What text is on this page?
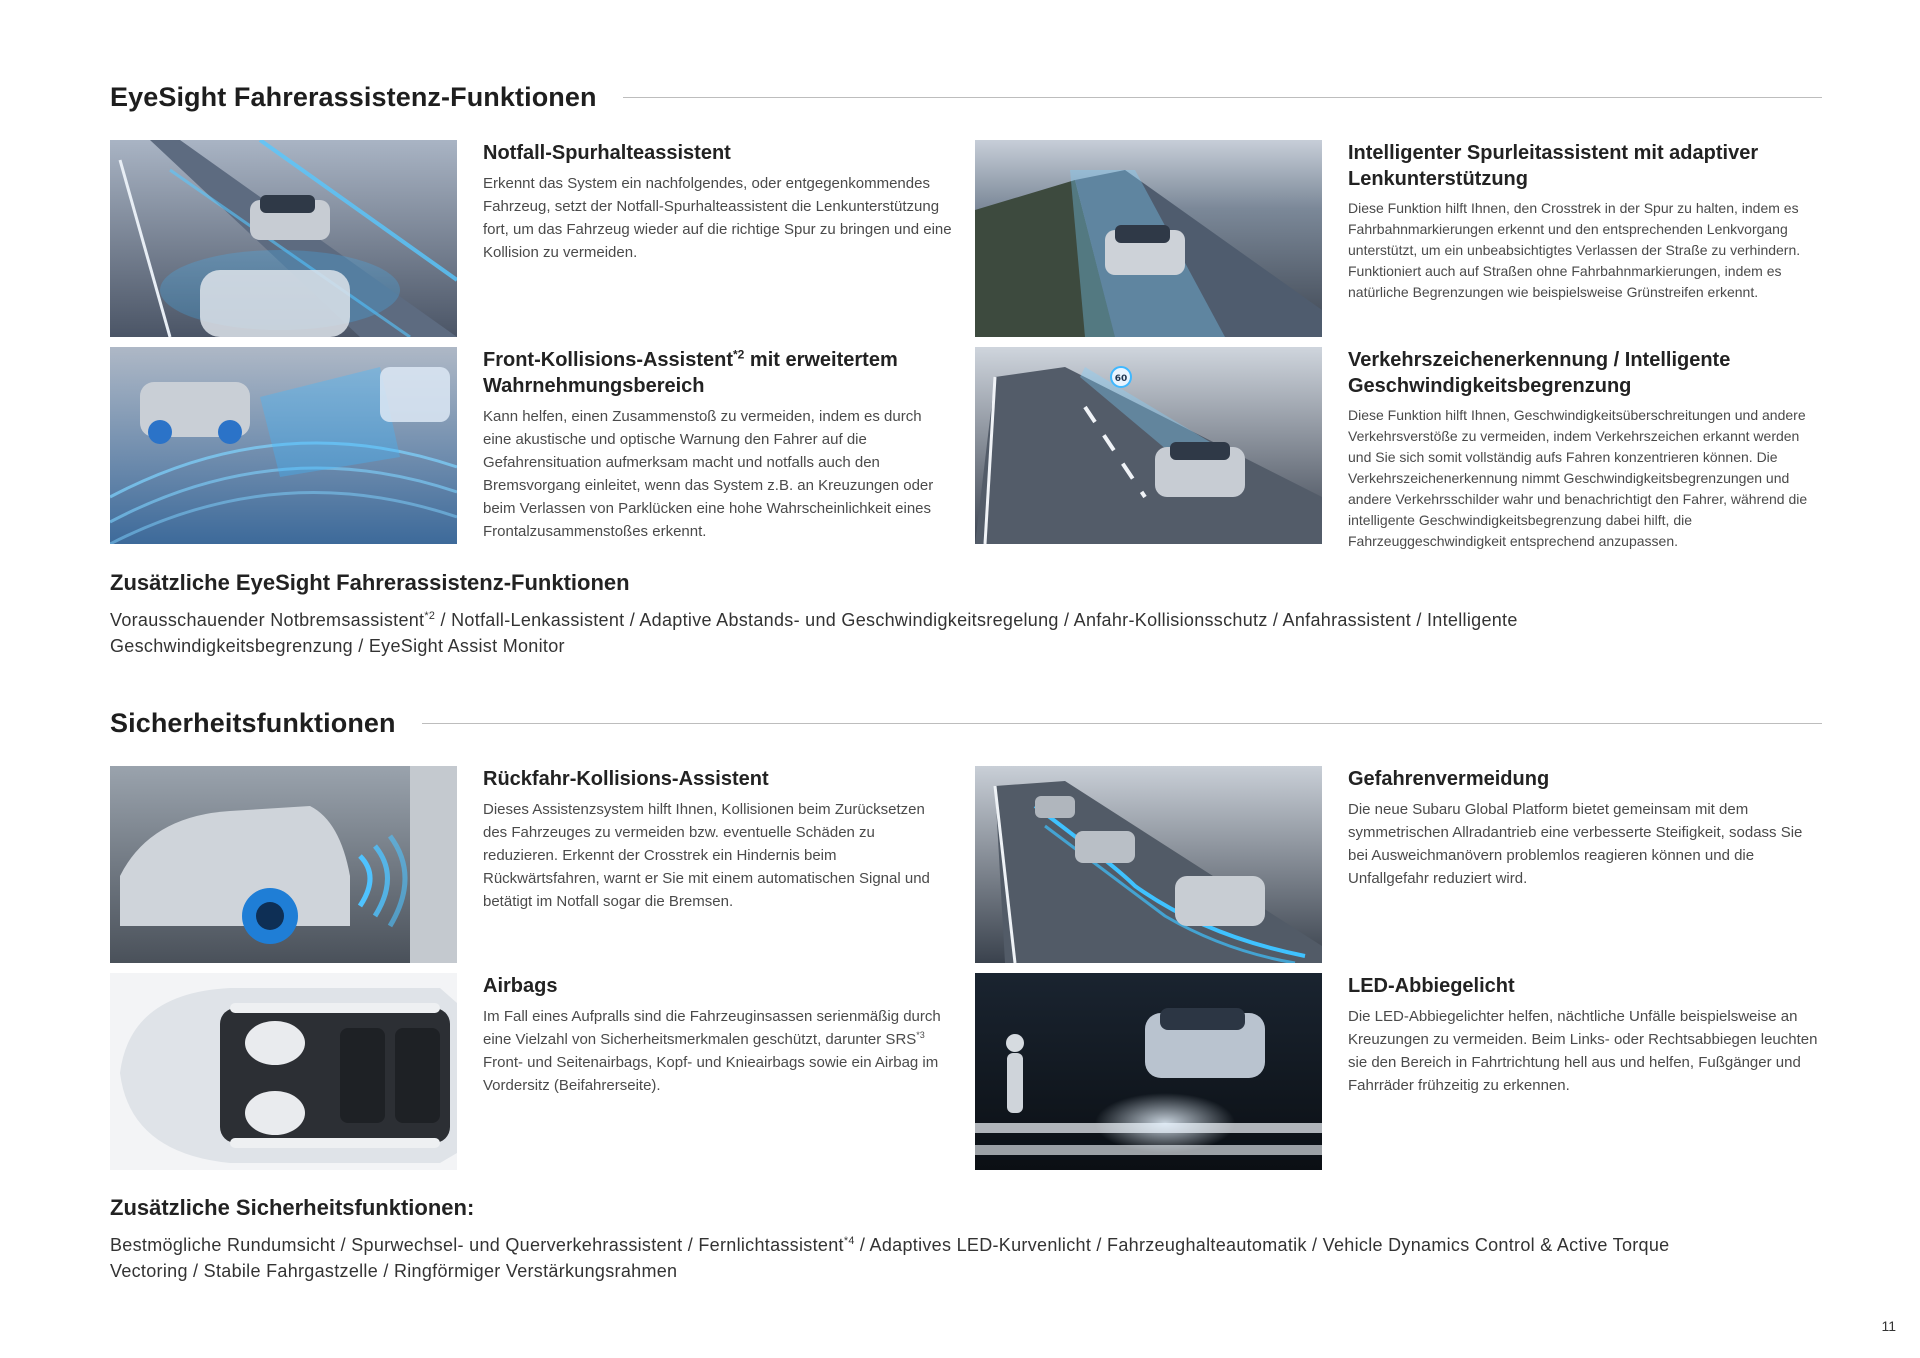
EyeSight Fahrerassistenz-Funktionen
Notfall-Spurhalteassistent

Erkennt das System ein nachfolgendes, oder entgegenkommendes Fahrzeug, setzt der Notfall-Spurhalteassistent die Lenkunterstützung fort, um das Fahrzeug wieder auf die richtige Spur zu bringen und eine Kollision zu vermeiden.

Intelligenter Spurleitassistent mit adaptiver Lenkunterstützung

Diese Funktion hilft Ihnen, den Crosstrek in der Spur zu halten, indem es Fahrbahnmarkierungen erkennt und den entsprechenden Lenkvorgang unterstützt, um ein unbeabsichtigtes Verlassen der Straße zu verhindern. Funktioniert auch auf Straßen ohne Fahrbahnmarkierungen, indem es natürliche Begrenzungen wie beispielsweise Grünstreifen erkennt.

Front-Kollisions-Assistent$^{*2}$ mit erweitertem Wahrnehmungsbereich

Kann helfen, einen Zusammenstoß zu vermeiden, indem es durch eine akustische und optische Warnung den Fahrer auf die Gefahrensituation aufmerksam macht und notfalls auch den Bremsvorgang einleitet, wenn das System z.B. an Kreuzungen oder beim Verlassen von Parklücken eine hohe Wahrscheinlichkeit eines Frontalzusammenstoßes erkennt.

60
Verkehrszeichenerkennung / Intelligente Geschwindigkeitsbegrenzung

Diese Funktion hilft Ihnen, Geschwindigkeitsüberschreitungen und andere Verkehrsverstöße zu vermeiden, indem Verkehrszeichen erkannt werden und Sie sich somit vollständig aufs Fahren konzentrieren können. Die Verkehrszeichenerkennung nimmt Geschwindigkeitsbegrenzungen und andere Verkehrsschilder wahr und benachrichtigt den Fahrer, während die intelligente Geschwindigkeitsbegrenzung dabei hilft, die Fahrzeuggeschwindigkeit entsprechend anzupassen.

Zusätzliche EyeSight Fahrerassistenz-Funktionen

Vorausschauender Notbremsassistent$^{*2}$ / Notfall-Lenkassistent / Adaptive Abstands- und Geschwindigkeitsregelung / Anfahr-Kollisionsschutz / Anfahrassistent / Intelligente Geschwindigkeitsbegrenzung / EyeSight Assist Monitor

Sicherheitsfunktionen
Rückfahr-Kollisions-Assistent

Dieses Assistenzsystem hilft Ihnen, Kollisionen beim Zurücksetzen des Fahrzeuges zu vermeiden bzw. eventuelle Schäden zu reduzieren. Erkennt der Crosstrek ein Hindernis beim Rückwärtsfahren, warnt er Sie mit einem automatischen Signal und betätigt im Notfall sogar die Bremsen.

Gefahrenvermeidung

Die neue Subaru Global Platform bietet gemeinsam mit dem symmetrischen Allradantrieb eine verbesserte Steifigkeit, sodass Sie bei Ausweichmanövern problemlos reagieren können und die Unfallgefahr reduziert wird.

Airbags

Im Fall eines Aufpralls sind die Fahrzeuginsassen serienmäßig durch eine Vielzahl von Sicherheitsmerkmalen geschützt, darunter SRS$^{*3}$ Front- und Seitenairbags, Kopf- und Knieairbags sowie ein Airbag im Vordersitz (Beifahrerseite).

LED-Abbiegelicht

Die LED-Abbiegelichter helfen, nächtliche Unfälle beispielsweise an Kreuzungen zu vermeiden. Beim Links- oder Rechtsabbiegen leuchten sie den Bereich in Fahrtrichtung hell aus und helfen, Fußgänger und Fahrräder frühzeitig zu erkennen.

Zusätzliche Sicherheitsfunktionen:

Bestmögliche Rundumsicht / Spurwechsel- und Querverkehrassistent / Fernlichtassistent$^{*4}$ / Adaptives LED-Kurvenlicht / Fahrzeughalteautomatik / Vehicle Dynamics Control & Active Torque Vectoring / Stabile Fahrgastzelle / Ringförmiger Verstärkungsrahmen

11
